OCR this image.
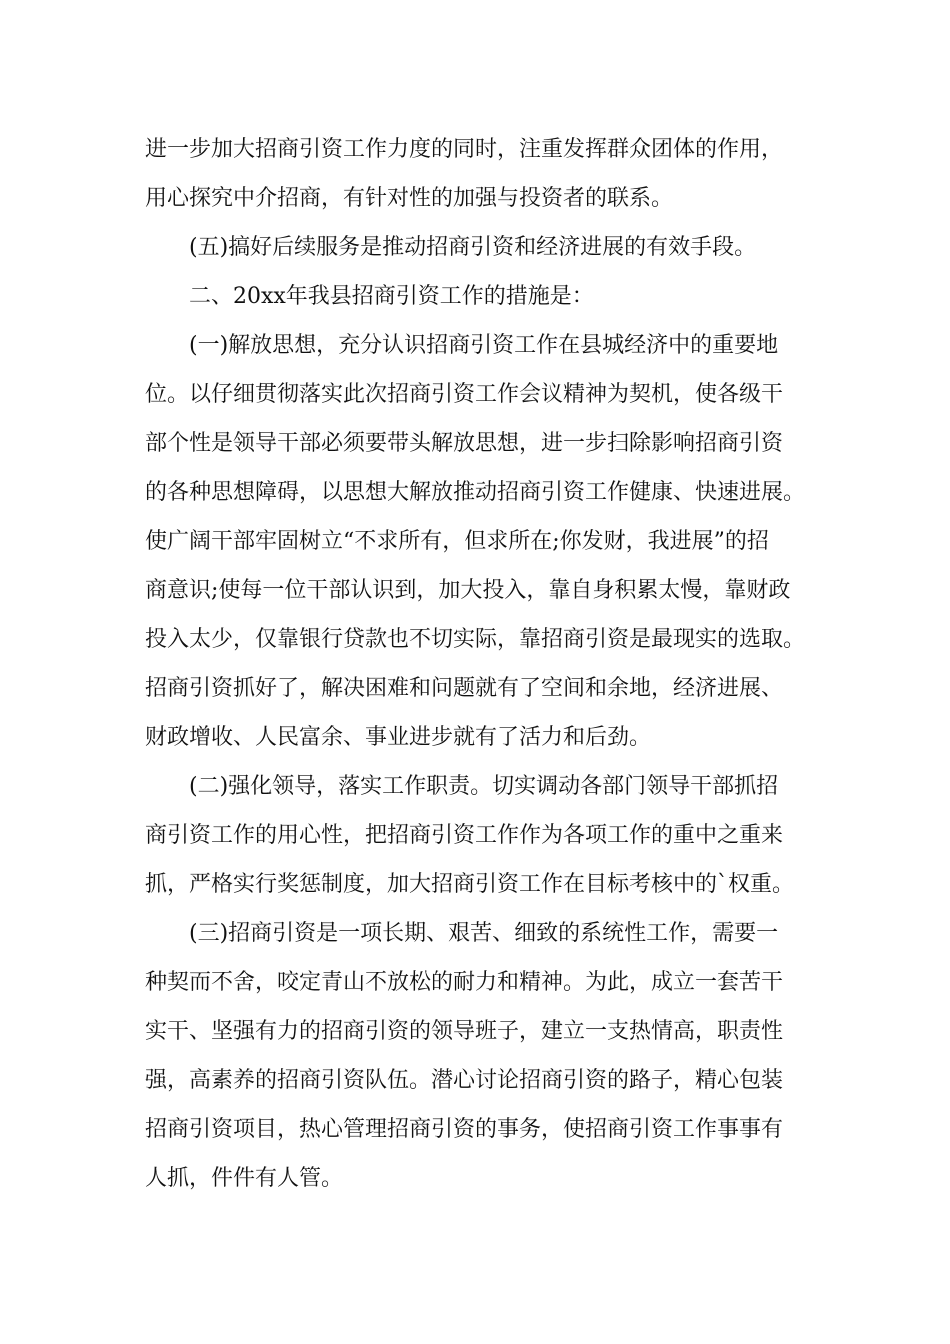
进一步加大招商引资工作力度的同时，注重发挥群众团体的作用，
用心探究中介招商，有针对性的加强与投资者的联系。
(五)搞好后续服务是推动招商引资和经济进展的有效手段。
二、20xx年我县招商引资工作的措施是：
(一)解放思想，充分认识招商引资工作在县城经济中的重要地
位。以仔细贯彻落实此次招商引资工作会议精神为契机，使各级干
部个性是领导干部必须要带头解放思想，进一步扫除影响招商引资
的各种思想障碍，以思想大解放推动招商引资工作健康、快速进展。
使广阔干部牢固树立“不求所有，但求所在;你发财，我进展”的招
商意识;使每一位干部认识到，加大投入，靠自身积累太慢，靠财政
投入太少，仅靠银行贷款也不切实际，靠招商引资是最现实的选取。
招商引资抓好了，解决困难和问题就有了空间和余地，经济进展、
财政增收、人民富余、事业进步就有了活力和后劲。
(二)强化领导，落实工作职责。切实调动各部门领导干部抓招
商引资工作的用心性，把招商引资工作作为各项工作的重中之重来
抓，严格实行奖惩制度，加大招商引资工作在目标考核中的`权重。
(三)招商引资是一项长期、艰苦、细致的系统性工作，需要一
种契而不舍，咬定青山不放松的耐力和精神。为此，成立一套苦干
实干、坚强有力的招商引资的领导班子，建立一支热情高，职责性
强，高素养的招商引资队伍。潜心讨论招商引资的路子，精心包装
招商引资项目，热心管理招商引资的事务，使招商引资工作事事有
人抓，件件有人管。
